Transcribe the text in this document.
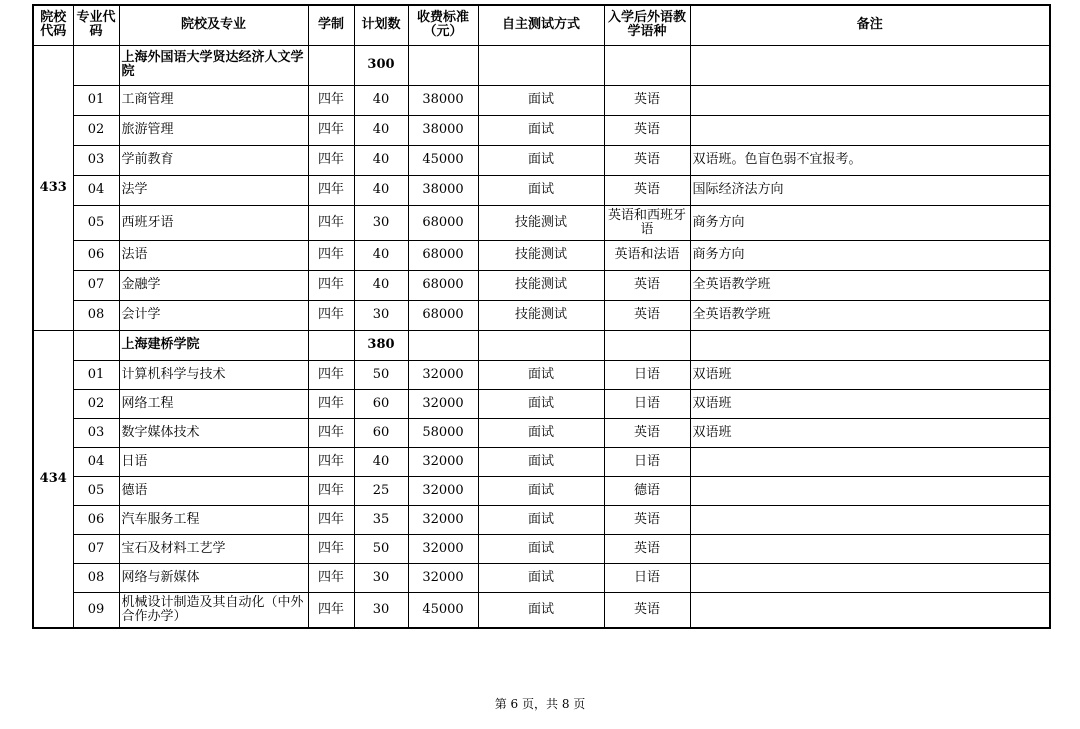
院校代码	专业代码	院校及专业	学制	计划数	收费标准（元）	自主测试方式	入学后外语教学语种	备注
433		上海外国语大学贤达经济人文学院		300				
	01	工商管理	四年	40	38000	面试	英语	
	02	旅游管理	四年	40	38000	面试	英语	
	03	学前教育	四年	40	45000	面试	英语	双语班。色盲色弱不宜报考。
	04	法学	四年	40	38000	面试	英语	国际经济法方向
	05	西班牙语	四年	30	68000	技能测试	英语和西班牙语	商务方向
	06	法语	四年	40	68000	技能测试	英语和法语	商务方向
	07	金融学	四年	40	68000	技能测试	英语	全英语教学班
	08	会计学	四年	30	68000	技能测试	英语	全英语教学班
434		上海建桥学院		380				
	01	计算机科学与技术	四年	50	32000	面试	日语	双语班
	02	网络工程	四年	60	32000	面试	日语	双语班
	03	数字媒体技术	四年	60	58000	面试	英语	双语班
	04	日语	四年	40	32000	面试	日语	
	05	德语	四年	25	32000	面试	德语	
	06	汽车服务工程	四年	35	32000	面试	英语	
	07	宝石及材料工艺学	四年	50	32000	面试	英语	
	08	网络与新媒体	四年	30	32000	面试	日语	
	09	机械设计制造及其自动化（中外合作办学）	四年	30	45000	面试	英语	
第 6 页，共 8 页
